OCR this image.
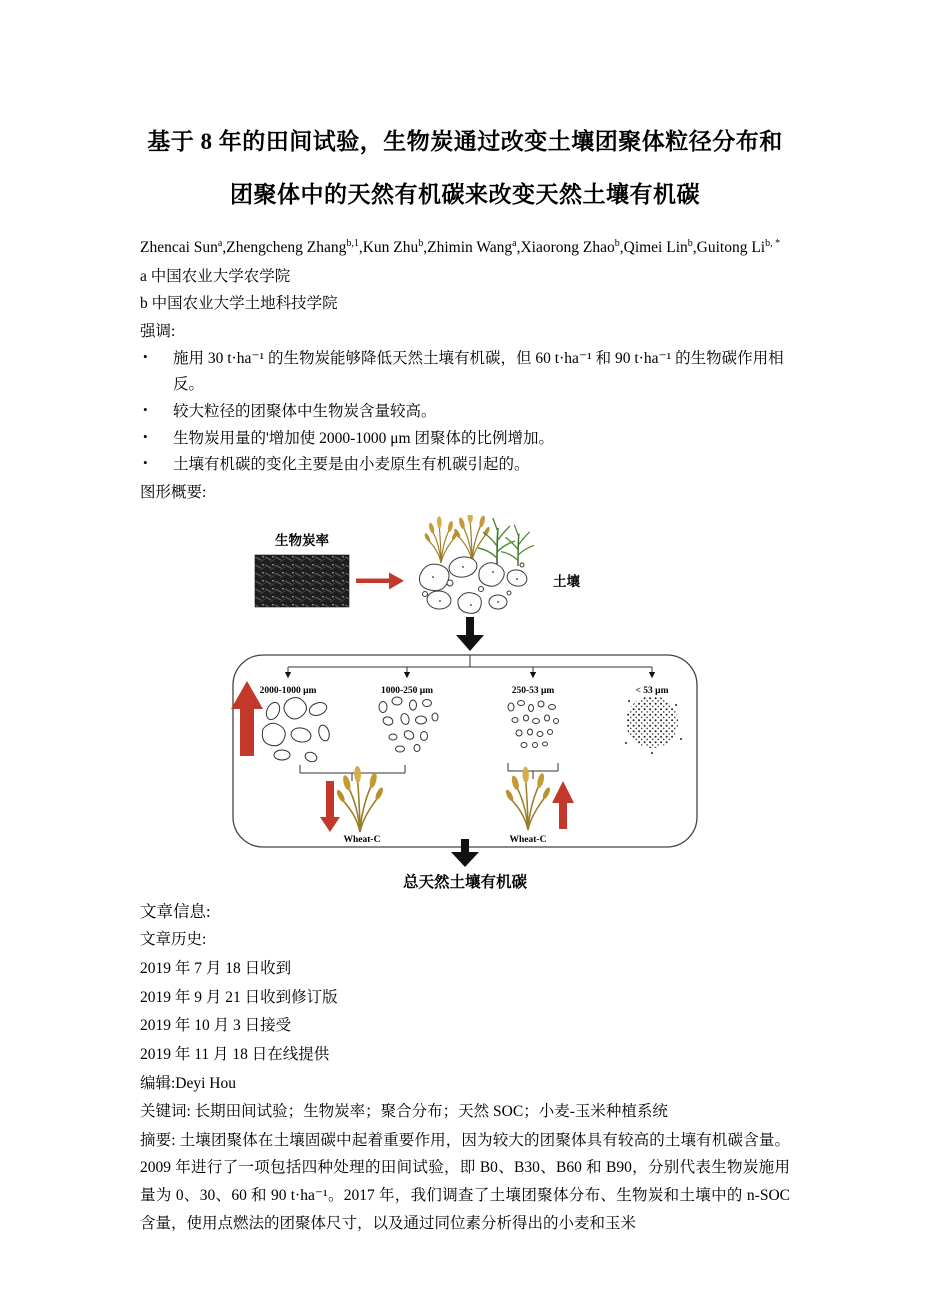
基于 8 年的田间试验，生物炭通过改变土壤团聚体粒径分布和团聚体中的天然有机碳来改变天然土壤有机碳

Zhencai Sun$^a$,Zhengcheng Zhang$^{b,1}$,Kun Zhu$^b$,Zhimin Wang$^a$,Xiaorong Zhao$^b$,Qimei Lin$^b$,Guitong $Li^{b, *}$

a 中国农业大学农学院

b 中国农业大学土地科技学院

强调:

•	施用 30 t·ha⁻¹ 的生物炭能够降低天然土壤有机碳，但 60 t·ha⁻¹ 和 90 t·ha⁻¹ 的生物碳作用相反。
•	较大粒径的团聚体中生物炭含量较高。
•	生物炭用量的'增加使 2000-1000 μm 团聚体的比例增加。
•	土壤有机碳的变化主要是由小麦原生有机碳引起的。

图形概要:

生物炭率
土壤
2000-1000 μm	1000-250 μm	250-53 μm	< 53 μm
Wheat-C	Wheat-C
总天然土壤有机碳

文章信息:

文章历史:

2019 年 7 月 18 日收到

2019 年 9 月 21 日收到修订版

2019 年 10 月 3 日接受

2019 年 11 月 18 日在线提供

编辑:Deyi Hou

关键词: 长期田间试验；生物炭率；聚合分布；天然 SOC；小麦-玉米种植系统

摘要: 土壤团聚体在土壤固碳中起着重要作用，因为较大的团聚体具有较高的土壤有机碳含量。2009 年进行了一项包括四种处理的田间试验，即 B0、B30、B60 和 B90，分别代表生物炭施用量为 0、30、60 和 90 t·ha⁻¹。2017 年，我们调查了土壤团聚体分布、生物炭和土壤中的 n-SOC 含量，使用点燃法的团聚体尺寸，以及通过同位素分析得出的小麦和玉米
